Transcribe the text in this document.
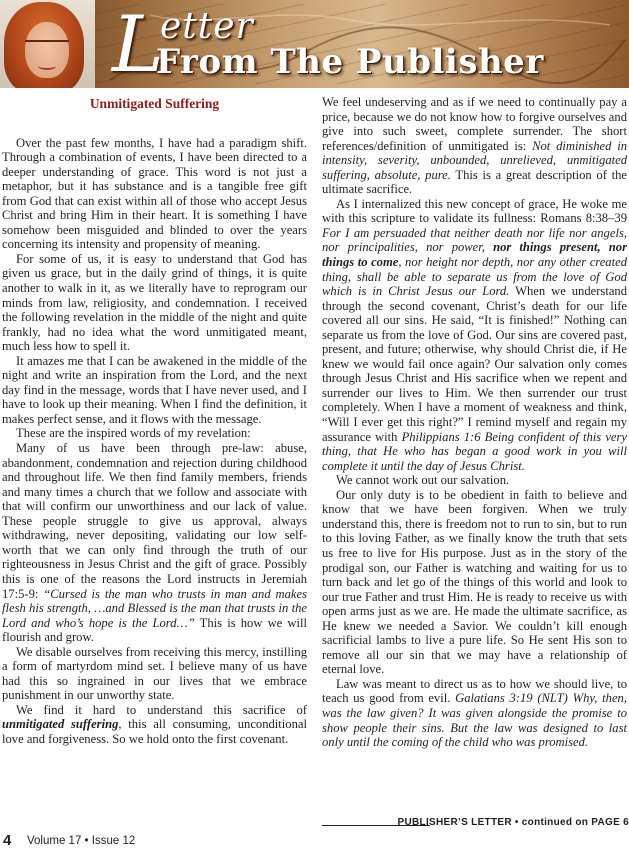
L
etter
From The Publisher
Unmitigated Suffering

Over the past few months, I have had a paradigm shift. Through a combination of events, I have been directed to a deeper understanding of grace. This word is not just a metaphor, but it has substance and is a tangible free gift from God that can exist within all of those who accept Jesus Christ and bring Him in their heart. It is something I have somehow been misguided and blinded to over the years concerning its intensity and propensity of meaning.

For some of us, it is easy to understand that God has given us grace, but in the daily grind of things, it is quite another to walk in it, as we literally have to reprogram our minds from law, religiosity, and condemnation. I received the following revelation in the middle of the night and quite frankly, had no idea what the word unmitigated meant, much less how to spell it.

It amazes me that I can be awakened in the middle of the night and write an inspiration from the Lord, and the next day find in the message, words that I have never used, and I have to look up their meaning. When I find the definition, it makes perfect sense, and it flows with the message.

These are the inspired words of my revelation:

Many of us have been through pre-law: abuse, abandonment, condemnation and rejection during childhood and throughout life. We then find family members, friends and many times a church that we follow and associate with that will confirm our unworthiness and our lack of value. These people struggle to give us approval, always withdrawing, never depositing, validating our low self-worth that we can only find through the truth of our righteousness in Jesus Christ and the gift of grace. Possibly this is one of the reasons the Lord instructs in Jeremiah 17:5-9: “Cursed is the man who trusts in man and makes flesh his strength, …and Blessed is the man that trusts in the Lord and who’s hope is the Lord…” This is how we will flourish and grow.

We disable ourselves from receiving this mercy, instilling a form of martyrdom mind set. I believe many of us have had this so ingrained in our lives that we embrace punishment in our unworthy state.

We find it hard to understand this sacrifice of unmitigated suffering, this all consuming, unconditional love and forgiveness. So we hold onto the first covenant.

We feel undeserving and as if we need to continually pay a price, because we do not know how to forgive ourselves and give into such sweet, complete surrender. The short references/definition of unmitigated is: Not diminished in intensity, severity, unbounded, unrelieved, unmitigated suffering, absolute, pure. This is a great description of the ultimate sacrifice.

As I internalized this new concept of grace, He woke me with this scripture to validate its fullness: Romans 8:38–39 For I am persuaded that neither death nor life nor angels, nor principalities, nor power, nor things present, nor things to come, nor height nor depth, nor any other created thing, shall be able to separate us from the love of God which is in Christ Jesus our Lord. When we understand through the second covenant, Christ’s death for our life covered all our sins. He said, “It is finished!” Nothing can separate us from the love of God. Our sins are covered past, present, and future; otherwise, why should Christ die, if He knew we would fail once again? Our salvation only comes through Jesus Christ and His sacrifice when we repent and surrender our lives to Him. We then surrender our trust completely. When I have a moment of weakness and think, “Will I ever get this right?” I remind myself and regain my assurance with Philippians 1:6 Being confident of this very thing, that He who has began a good work in you will complete it until the day of Jesus Christ.

We cannot work out our salvation.

Our only duty is to be obedient in faith to believe and know that we have been forgiven. When we truly understand this, there is freedom not to run to sin, but to run to this loving Father, as we finally know the truth that sets us free to live for His purpose. Just as in the story of the prodigal son, our Father is watching and waiting for us to turn back and let go of the things of this world and look to our true Father and trust Him. He is ready to receive us with open arms just as we are. He made the ultimate sacrifice, as He knew we needed a Savior. We couldn’t kill enough sacrificial lambs to live a pure life. So He sent His son to remove all our sin that we may have a relationship of eternal love.

Law was meant to direct us as to how we should live, to teach us good from evil. Galatians 3:19 (NLT) Why, then, was the law given? It was given alongside the promise to show people their sins. But the law was designed to last only until the coming of the child who was promised.

PUBLISHER’S LETTER • continued on PAGE 6
4 Volume 17 • Issue 12
